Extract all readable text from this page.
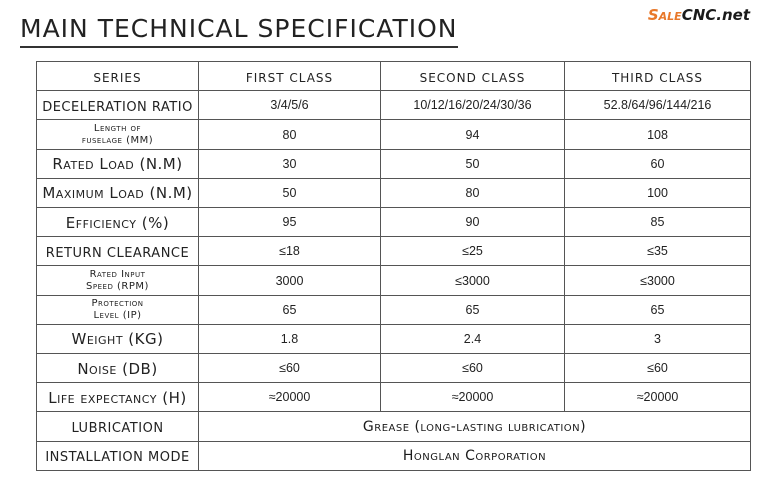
MAIN TECHNICAL SPECIFICATION	SaleCNC.net
SERIES	FIRST CLASS	SECOND CLASS	THIRD CLASS
DECELERATION RATIO	3/4/5/6	10/12/16/20/24/30/36	52.8/64/96/144/216
Length of
fuselage (MM)	80	94	108
Rated Load (N.M)	30	50	60
Maximum Load (N.M)	50	80	100
Efficiency (%)	95	90	85
RETURN CLEARANCE	≤18	≤25	≤35
Rated Input
Speed (RPM)	3000	≤3000	≤3000
Protection
Level (IP)	65	65	65
Weight (KG)	1.8	2.4	3
Noise (DB)	≤60	≤60	≤60
Life expectancy (H)	≈20000	≈20000	≈20000
LUBRICATION	Grease (long-lasting lubrication)		
INSTALLATION MODE	Honglan Corporation		
